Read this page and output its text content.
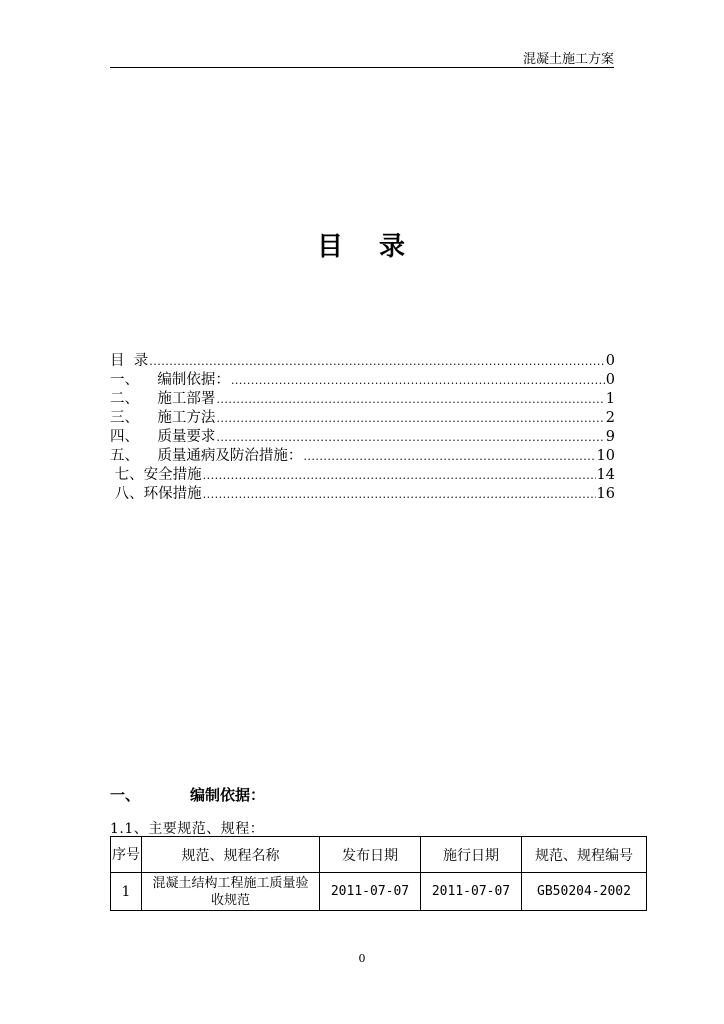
混凝土施工方案
目 录
目  录 .....	0
一、    编制依据： .....	0
二、    施工部署 .....	1
三、    施工方法 .....	2
四、    质量要求 .....	9
五、    质量通病及防治措施： .....	10
七、安全措施 .....	14
八、环保措施 .....	16
一、	编制依据：
1.1、主要规范、规程：
序号	规范、规程名称	发布日期	施行日期	规范、规程编号
1	混凝土结构工程施工质量验收规范	2011-07-07	2011-07-07	GB50204-2002
0
